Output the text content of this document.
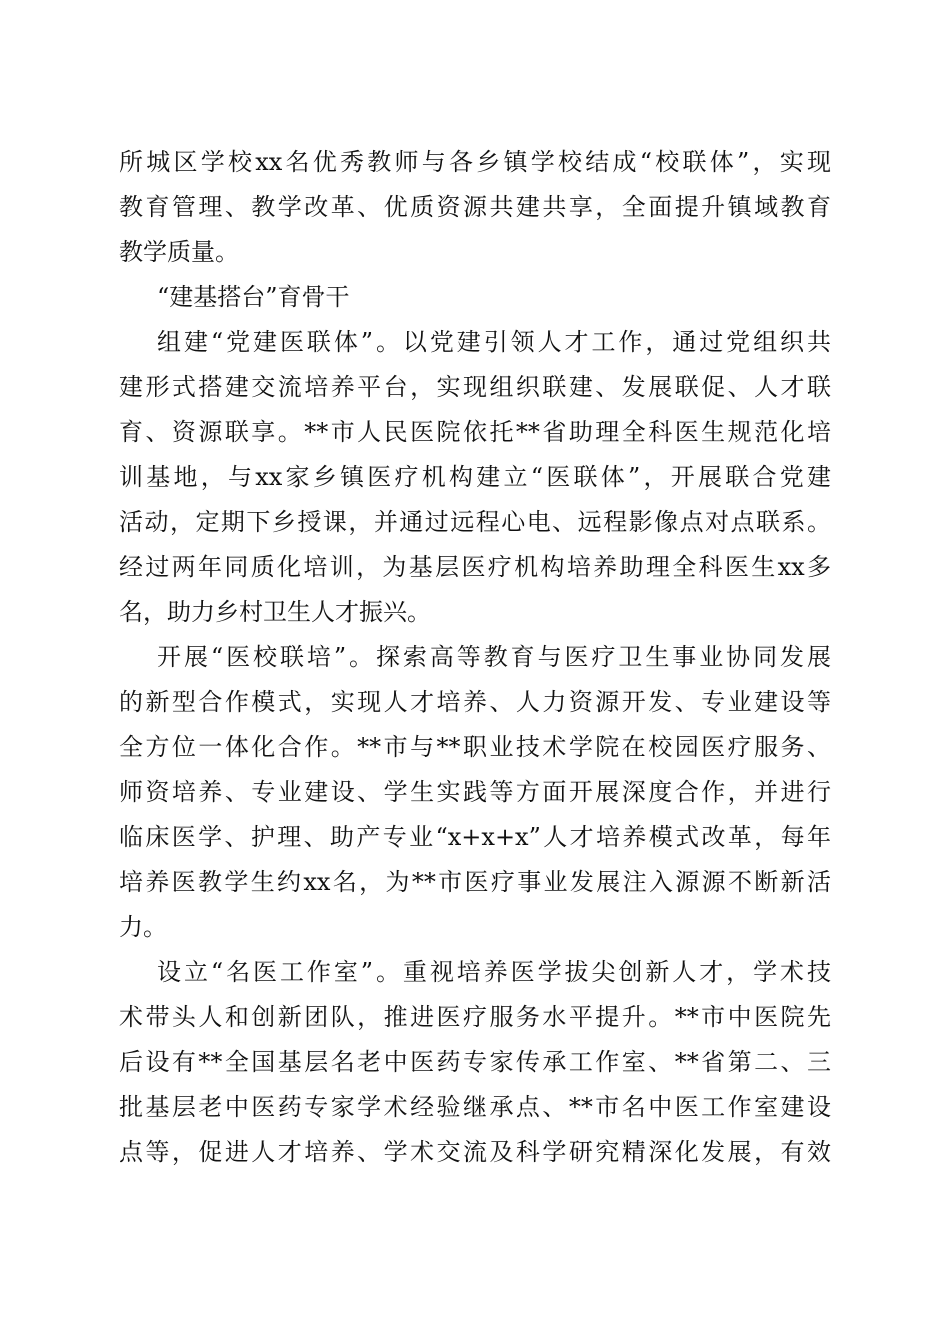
所城区学校xx名优秀教师与各乡镇学校结成“校联体”，实现
教育管理、教学改革、优质资源共建共享，全面提升镇域教育
教学质量。
“建基搭台”育骨干
组建“党建医联体”。以党建引领人才工作，通过党组织共
建形式搭建交流培养平台，实现组织联建、发展联促、人才联
育、资源联享。**市人民医院依托**省助理全科医生规范化培
训基地，与xx家乡镇医疗机构建立“医联体”，开展联合党建
活动，定期下乡授课，并通过远程心电、远程影像点对点联系。
经过两年同质化培训，为基层医疗机构培养助理全科医生xx多
名，助力乡村卫生人才振兴。
开展“医校联培”。探索高等教育与医疗卫生事业协同发展
的新型合作模式，实现人才培养、人力资源开发、专业建设等
全方位一体化合作。**市与**职业技术学院在校园医疗服务、
师资培养、专业建设、学生实践等方面开展深度合作，并进行
临床医学、护理、助产专业“x+x+x”人才培养模式改革，每年
培养医教学生约xx名，为**市医疗事业发展注入源源不断新活
力。
设立“名医工作室”。重视培养医学拔尖创新人才，学术技
术带头人和创新团队，推进医疗服务水平提升。**市中医院先
后设有**全国基层名老中医药专家传承工作室、**省第二、三
批基层老中医药专家学术经验继承点、**市名中医工作室建设
点等，促进人才培养、学术交流及科学研究精深化发展，有效
